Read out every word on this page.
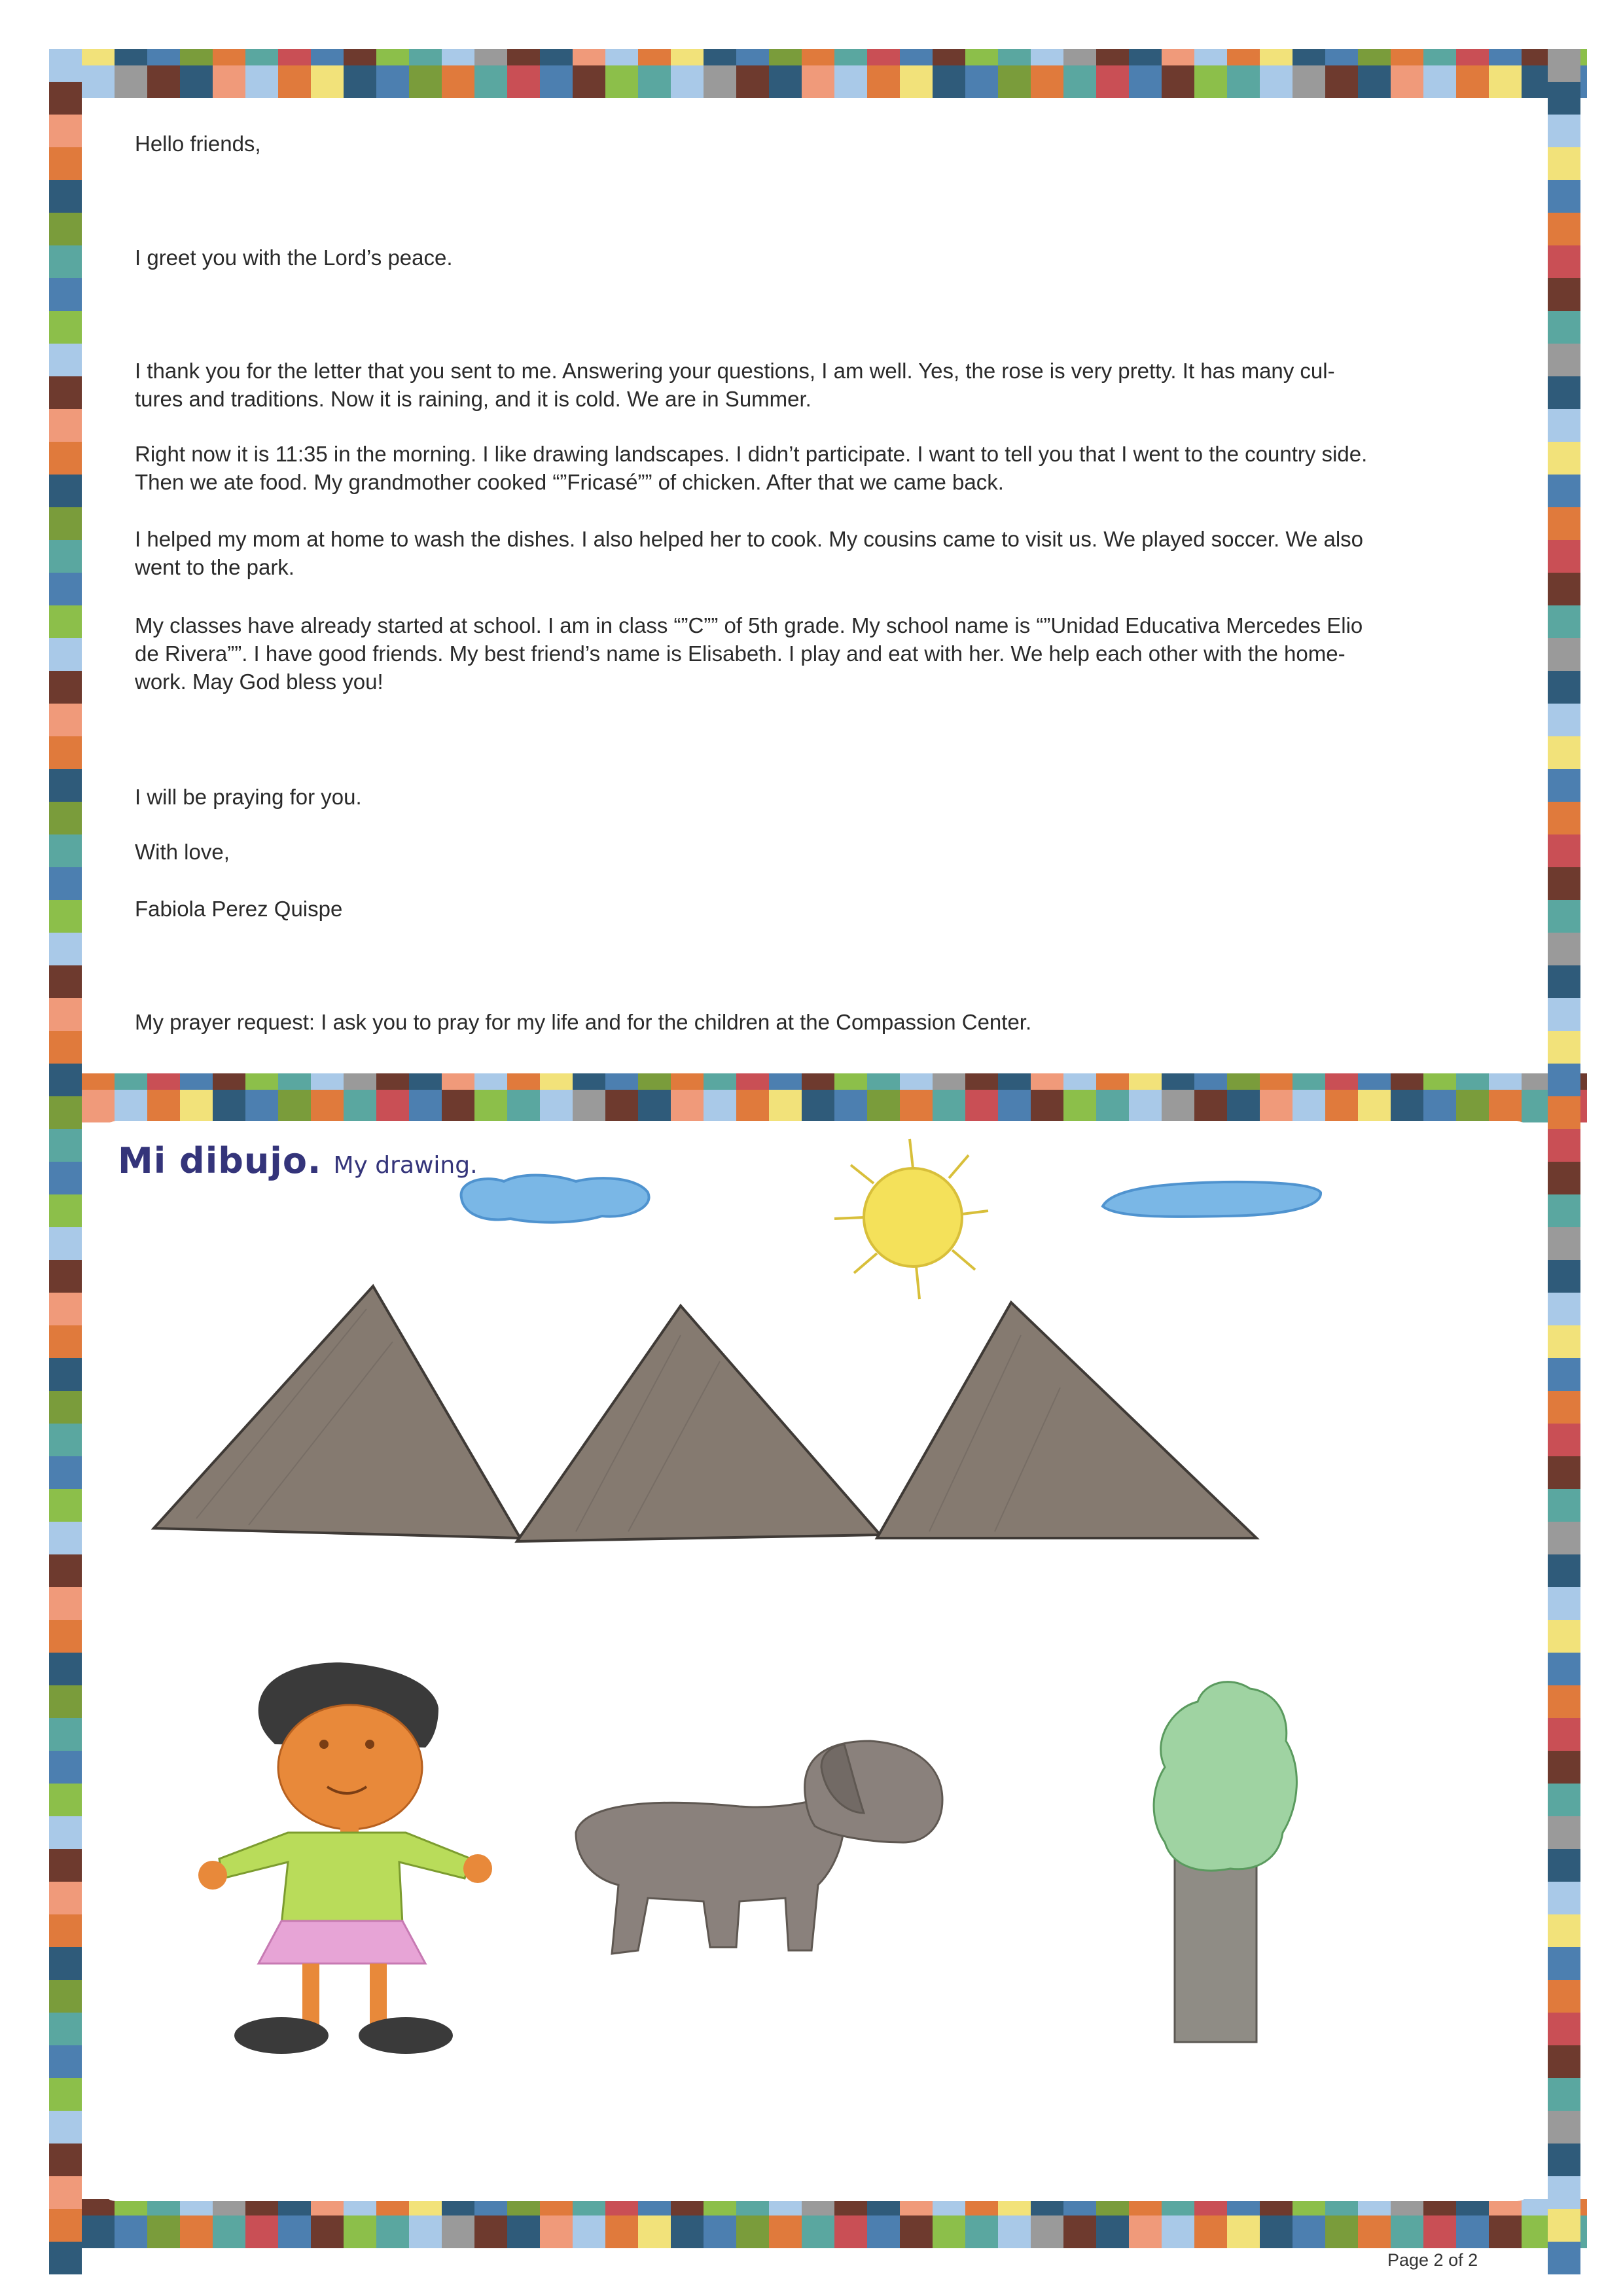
Hello friends,

I greet you with the Lord’s peace.

I thank you for the letter that you sent to me. Answering your questions, I am well. Yes, the rose is very pretty. It has many cul-
tures and traditions. Now it is raining, and it is cold. We are in Summer.

Right now it is 11:35 in the morning. I like drawing landscapes. I didn’t participate. I want to tell you that I went to the country side.
Then we ate food. My grandmother cooked “”Fricasé”” of chicken. After that we came back.

I helped my mom at home to wash the dishes. I also helped her to cook. My cousins came to visit us. We played soccer. We also
went to the park.

My classes have already started at school. I am in class “”C”” of 5th grade. My school name is “”Unidad Educativa Mercedes Elio
de Rivera””. I have good friends. My best friend’s name is Elisabeth. I play and eat with her. We help each other with the home-
work. May God bless you!

I will be praying for you.

With love,

Fabiola Perez Quispe

My prayer request: I ask you to pray for my life and for the children at the Compassion Center.

Mi dibujo. My drawing.
Page 2 of 2
